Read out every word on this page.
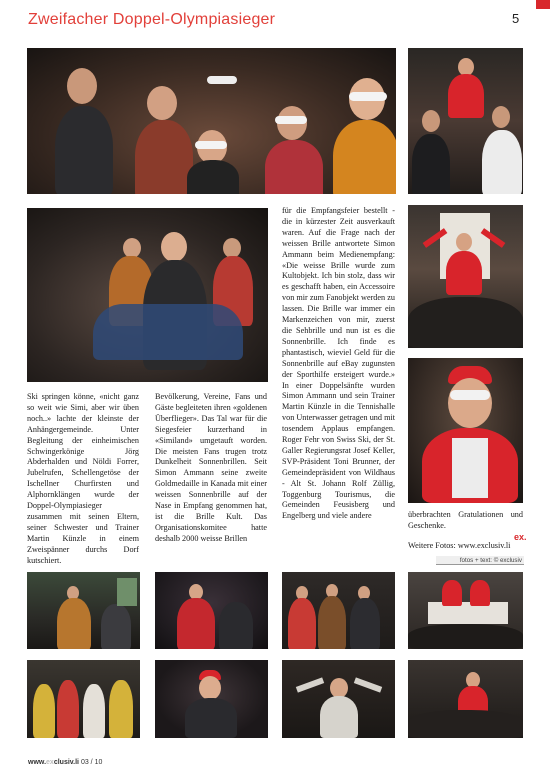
Zweifacher Doppel-Olympiasieger	5

Ski springen könne, «nicht ganz so weit wie Simi, aber wir üben noch..» lachte der kleinste der Anhängergemeinde. Unter Begleitung der einheimischen Schwingerkönige Jörg Abderhalden und Nöldi Forrer, Jubelrufen, Schellengetöse der Ischellner Churfirsten und Alphornklängen wurde der Doppel-Olympiasieger zusammen mit seinen Eltern, seiner Schwester und Trainer Martin Künzle in einem Zweispänner durchs Dorf kutschiert.

Bevölkerung, Vereine, Fans und Gäste begleiteten ihren «goldenen Überflieger». Das Tal war für die Siegesfeier kurzerhand in «Similand» umgetauft worden. Die meisten Fans trugen trotz Dunkelheit Sonnenbrillen. Seit Simon Ammann seine zweite Goldmedaille in Kanada mit einer weissen Sonnenbrille auf der Nase in Empfang genommen hat, ist die Brille Kult. Das Organisationskomitee hatte deshalb 2000 weisse Brillen

für die Empfangsfeier bestellt - die in kürzester Zeit ausverkauft waren. Auf die Frage nach der weissen Brille antwortete Simon Ammann beim Medienempfang: «Die weisse Brille wurde zum Kultobjekt. Ich bin stolz, dass wir es geschafft haben, ein Accessoire von mir zum Fanobjekt werden zu lassen. Die Brille war immer ein Markenzeichen von mir, zuerst die Sehbrille und nun ist es die Sonnenbrille. Ich finde es phantastisch, wieviel Geld für die Sonnenbrille auf eBay zugunsten der Sporthilfe ersteigert wurde.» In einer Doppelsänfte wurden Simon Ammann und sein Trainer Martin Künzle in die Tennishalle von Unterwasser getragen und mit tosendem Applaus empfangen. Roger Fehr von Swiss Ski, der St. Galler Regierungsrat Josef Keller, SVP-Präsident Toni Brunner, der Gemeindepräsident von Wildhaus - Alt St. Johann Rolf Züllig, Toggenburg Tourismus, die Gemeinden Feusisberg und Engelberg und viele andere	überbrachten Gratulationen und Geschenke.

ex.
Weitere Fotos: www.exclusiv.li
fotos + text: © exclusiv
www.exclusiv.li 03 / 10
